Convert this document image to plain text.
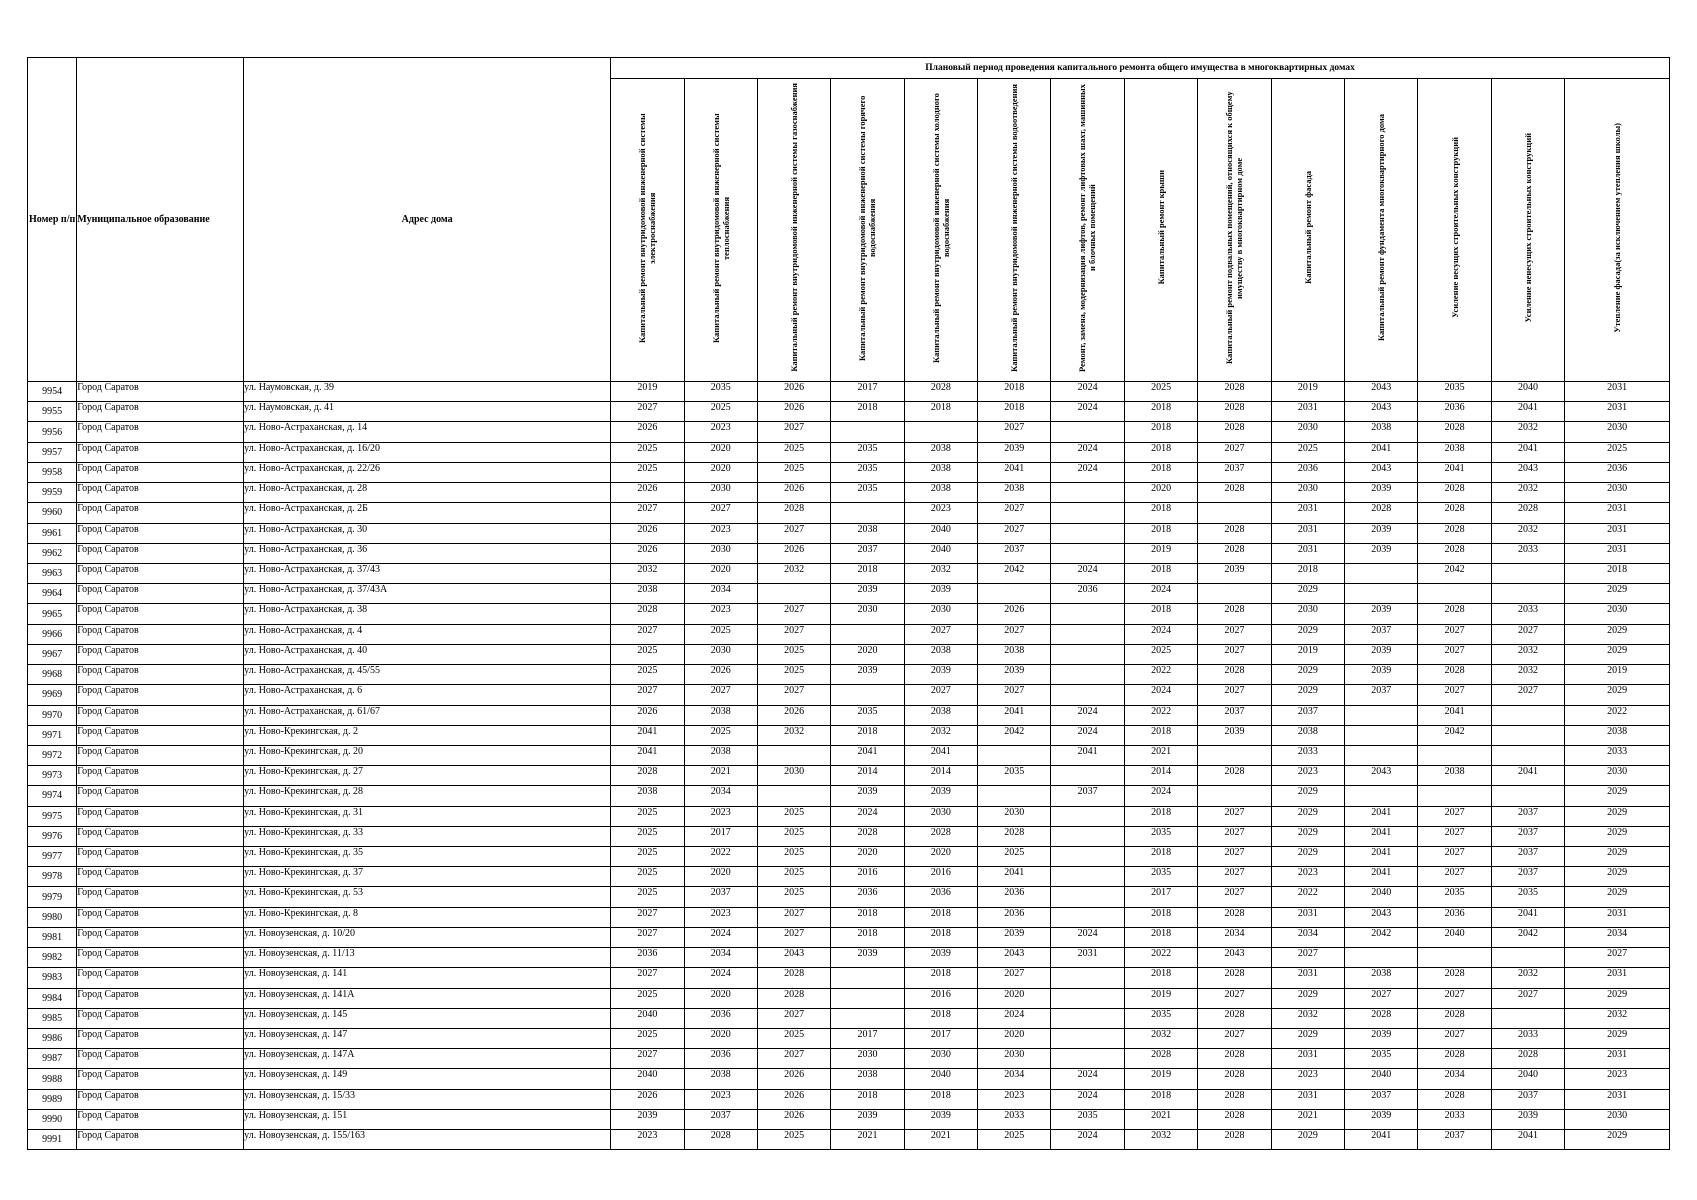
Номер п/п	Муниципальное образование	Адрес дома	Плановый период проведения капитального ремонта общего имущества в многоквартирных домах													
			Капитальный ремонт внутридомовой инженерной системы электроснабжения	Капитальный ремонт внутридомовой инженерной системы теплоснабжения	Капитальный ремонт внутридомовой инженерной системы газоснабжения	Капитальный ремонт внутридомовой инженерной системы горячего водоснабжения	Капитальный ремонт внутридомовой инженерной системы холодного водоснабжения	Капитальный ремонт внутридомовой инженерной системы водоотведения	Ремонт, замена, модернизация лифтов, ремонт лифтовых шахт, машинных и блочных помещений	Капитальный ремонт крыши	Капитальный ремонт подвальных помещений, относящихся к общему имуществу в многоквартирном доме	Капитальный ремонт фасада	Капитальный ремонт фундамента многоквартирного дома	Усиление несущих строительных конструкций	Усиление ненесущих строительных конструкций	Утепление фасада(за исключением утепления школы)
9954	Город Саратов	ул. Наумовская, д. 39	2019	2035	2026	2017	2028	2018	2024	2025	2028	2019	2043	2035	2040	2031
9955	Город Саратов	ул. Наумовская, д. 41	2027	2025	2026	2018	2018	2018	2024	2018	2028	2031	2043	2036	2041	2031
9956	Город Саратов	ул. Ново-Астраханская, д. 14	2026	2023	2027			2027		2018	2028	2030	2038	2028	2032	2030
9957	Город Саратов	ул. Ново-Астраханская, д. 16/20	2025	2020	2025	2035	2038	2039	2024	2018	2027	2025	2041	2038	2041	2025
9958	Город Саратов	ул. Ново-Астраханская, д. 22/26	2025	2020	2025	2035	2038	2041	2024	2018	2037	2036	2043	2041	2043	2036
9959	Город Саратов	ул. Ново-Астраханская, д. 28	2026	2030	2026	2035	2038	2038		2020	2028	2030	2039	2028	2032	2030
9960	Город Саратов	ул. Ново-Астраханская, д. 2Б	2027	2027	2028		2023	2027		2018		2031	2028	2028	2028	2031
9961	Город Саратов	ул. Ново-Астраханская, д. 30	2026	2023	2027	2038	2040	2027		2018	2028	2031	2039	2028	2032	2031
9962	Город Саратов	ул. Ново-Астраханская, д. 36	2026	2030	2026	2037	2040	2037		2019	2028	2031	2039	2028	2033	2031
9963	Город Саратов	ул. Ново-Астраханская, д. 37/43	2032	2020	2032	2018	2032	2042	2024	2018	2039	2018		2042		2018
9964	Город Саратов	ул. Ново-Астраханская, д. 37/43А	2038	2034		2039	2039		2036	2024		2029				2029
9965	Город Саратов	ул. Ново-Астраханская, д. 38	2028	2023	2027	2030	2030	2026		2018	2028	2030	2039	2028	2033	2030
9966	Город Саратов	ул. Ново-Астраханская, д. 4	2027	2025	2027		2027	2027		2024	2027	2029	2037	2027	2027	2029
9967	Город Саратов	ул. Ново-Астраханская, д. 40	2025	2030	2025	2020	2038	2038		2025	2027	2019	2039	2027	2032	2029
9968	Город Саратов	ул. Ново-Астраханская, д. 45/55	2025	2026	2025	2039	2039	2039		2022	2028	2029	2039	2028	2032	2019
9969	Город Саратов	ул. Ново-Астраханская, д. 6	2027	2027	2027		2027	2027		2024	2027	2029	2037	2027	2027	2029
9970	Город Саратов	ул. Ново-Астраханская, д. 61/67	2026	2038	2026	2035	2038	2041	2024	2022	2037	2037		2041		2022
9971	Город Саратов	ул. Ново-Крекингская, д. 2	2041	2025	2032	2018	2032	2042	2024	2018	2039	2038		2042		2038
9972	Город Саратов	ул. Ново-Крекингская, д. 20	2041	2038		2041	2041		2041	2021		2033				2033
9973	Город Саратов	ул. Ново-Крекингская, д. 27	2028	2021	2030	2014	2014	2035		2014	2028	2023	2043	2038	2041	2030
9974	Город Саратов	ул. Ново-Крекингская, д. 28	2038	2034		2039	2039		2037	2024		2029				2029
9975	Город Саратов	ул. Ново-Крекингская, д. 31	2025	2023	2025	2024	2030	2030		2018	2027	2029	2041	2027	2037	2029
9976	Город Саратов	ул. Ново-Крекингская, д. 33	2025	2017	2025	2028	2028	2028		2035	2027	2029	2041	2027	2037	2029
9977	Город Саратов	ул. Ново-Крекингская, д. 35	2025	2022	2025	2020	2020	2025		2018	2027	2029	2041	2027	2037	2029
9978	Город Саратов	ул. Ново-Крекингская, д. 37	2025	2020	2025	2016	2016	2041		2035	2027	2023	2041	2027	2037	2029
9979	Город Саратов	ул. Ново-Крекингская, д. 53	2025	2037	2025	2036	2036	2036		2017	2027	2022	2040	2035	2035	2029
9980	Город Саратов	ул. Ново-Крекингская, д. 8	2027	2023	2027	2018	2018	2036		2018	2028	2031	2043	2036	2041	2031
9981	Город Саратов	ул. Новоузенская, д. 10/20	2027	2024	2027	2018	2018	2039	2024	2018	2034	2034	2042	2040	2042	2034
9982	Город Саратов	ул. Новоузенская, д. 11/13	2036	2034	2043	2039	2039	2043	2031	2022	2043	2027				2027
9983	Город Саратов	ул. Новоузенская, д. 141	2027	2024	2028		2018	2027		2018	2028	2031	2038	2028	2032	2031
9984	Город Саратов	ул. Новоузенская, д. 141А	2025	2020	2028		2016	2020		2019	2027	2029	2027	2027	2027	2029
9985	Город Саратов	ул. Новоузенская, д. 145	2040	2036	2027		2018	2024		2035	2028	2032	2028	2028		2032
9986	Город Саратов	ул. Новоузенская, д. 147	2025	2020	2025	2017	2017	2020		2032	2027	2029	2039	2027	2033	2029
9987	Город Саратов	ул. Новоузенская, д. 147А	2027	2036	2027	2030	2030	2030		2028	2028	2031	2035	2028	2028	2031
9988	Город Саратов	ул. Новоузенская, д. 149	2040	2038	2026	2038	2040	2034	2024	2019	2028	2023	2040	2034	2040	2023
9989	Город Саратов	ул. Новоузенская, д. 15/33	2026	2023	2026	2018	2018	2023	2024	2018	2028	2031	2037	2028	2037	2031
9990	Город Саратов	ул. Новоузенская, д. 151	2039	2037	2026	2039	2039	2033	2035	2021	2028	2021	2039	2033	2039	2030
9991	Город Саратов	ул. Новоузенская, д. 155/163	2023	2028	2025	2021	2021	2025	2024	2032	2028	2029	2041	2037	2041	2029
